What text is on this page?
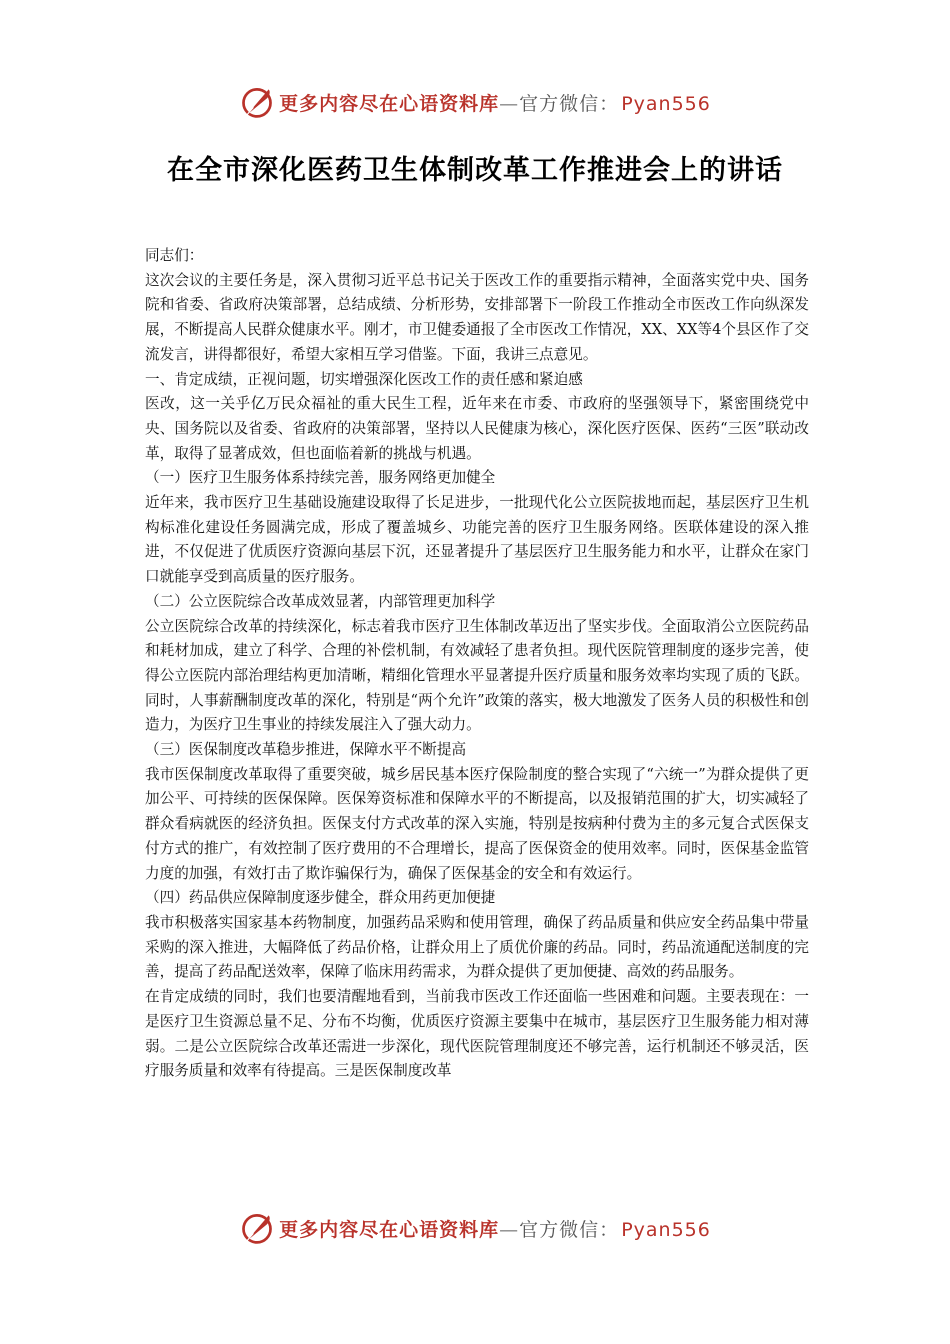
更多内容尽在心语资料库—官方微信： Pyan556
在全市深化医药卫生体制改革工作推进会上的讲话

同志们：

这次会议的主要任务是，深入贯彻习近平总书记关于医改工作的重要指示精神，全面落实党中央、国务院和省委、省政府决策部署，总结成绩、分析形势，安排部署下一阶段工作推动全市医改工作向纵深发展，不断提高人民群众健康水平。刚才，市卫健委通报了全市医改工作情况，XX、XX等4个县区作了交流发言，讲得都很好，希望大家相互学习借鉴。下面，我讲三点意见。

一、肯定成绩，正视问题，切实增强深化医改工作的责任感和紧迫感

医改，这一关乎亿万民众福祉的重大民生工程，近年来在市委、市政府的坚强领导下，紧密围绕党中央、国务院以及省委、省政府的决策部署，坚持以人民健康为核心，深化医疗医保、医药“三医”联动改革，取得了显著成效，但也面临着新的挑战与机遇。

（一）医疗卫生服务体系持续完善，服务网络更加健全

近年来，我市医疗卫生基础设施建设取得了长足进步，一批现代化公立医院拔地而起，基层医疗卫生机构标准化建设任务圆满完成，形成了覆盖城乡、功能完善的医疗卫生服务网络。医联体建设的深入推进，不仅促进了优质医疗资源向基层下沉，还显著提升了基层医疗卫生服务能力和水平，让群众在家门口就能享受到高质量的医疗服务。

（二）公立医院综合改革成效显著，内部管理更加科学

公立医院综合改革的持续深化，标志着我市医疗卫生体制改革迈出了坚实步伐。全面取消公立医院药品和耗材加成，建立了科学、合理的补偿机制，有效减轻了患者负担。现代医院管理制度的逐步完善，使得公立医院内部治理结构更加清晰，精细化管理水平显著提升医疗质量和服务效率均实现了质的飞跃。同时，人事薪酬制度改革的深化，特别是“两个允许”政策的落实，极大地激发了医务人员的积极性和创造力，为医疗卫生事业的持续发展注入了强大动力。

（三）医保制度改革稳步推进，保障水平不断提高

我市医保制度改革取得了重要突破，城乡居民基本医疗保险制度的整合实现了“六统一”为群众提供了更加公平、可持续的医保保障。医保筹资标准和保障水平的不断提高，以及报销范围的扩大，切实减轻了群众看病就医的经济负担。医保支付方式改革的深入实施，特别是按病种付费为主的多元复合式医保支付方式的推广，有效控制了医疗费用的不合理增长，提高了医保资金的使用效率。同时，医保基金监管力度的加强，有效打击了欺诈骗保行为，确保了医保基金的安全和有效运行。

（四）药品供应保障制度逐步健全，群众用药更加便捷

我市积极落实国家基本药物制度，加强药品采购和使用管理，确保了药品质量和供应安全药品集中带量采购的深入推进，大幅降低了药品价格，让群众用上了质优价廉的药品。同时，药品流通配送制度的完善，提高了药品配送效率，保障了临床用药需求，为群众提供了更加便捷、高效的药品服务。

在肯定成绩的同时，我们也要清醒地看到，当前我市医改工作还面临一些困难和问题。主要表现在：一是医疗卫生资源总量不足、分布不均衡，优质医疗资源主要集中在城市，基层医疗卫生服务能力相对薄弱。二是公立医院综合改革还需进一步深化，现代医院管理制度还不够完善，运行机制还不够灵活，医疗服务质量和效率有待提高。三是医保制度改革

更多内容尽在心语资料库—官方微信： Pyan556
